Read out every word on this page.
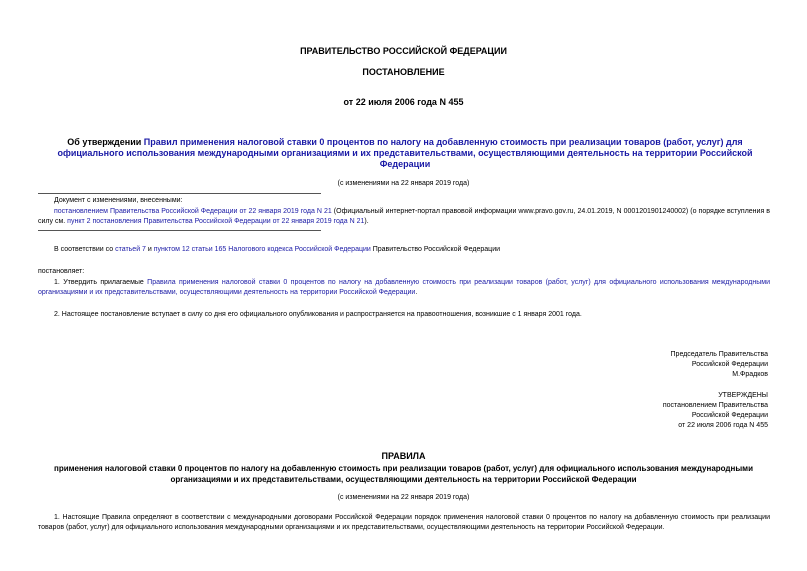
ПРАВИТЕЛЬСТВО РОССИЙСКОЙ ФЕДЕРАЦИИ
ПОСТАНОВЛЕНИЕ
от 22 июля 2006 года N 455
Об утверждении Правил применения налоговой ставки 0 процентов по налогу на добавленную стоимость при реализации товаров (работ, услуг) для официального использования международными организациями и их представительствами, осуществляющими деятельность на территории Российской Федерации
(с изменениями на 22 января 2019 года)
Документ с изменениями, внесенными:
постановлением Правительства Российской Федерации от 22 января 2019 года N 21 (Официальный интернет-портал правовой информации www.pravo.gov.ru, 24.01.2019, N 0001201901240002) (о порядке вступления в силу см. пункт 2 постановления Правительства Российской Федерации от 22 января 2019 года N 21).
В соответствии со статьей 7 и пунктом 12 статьи 165 Налогового кодекса Российской Федерации Правительство Российской Федерации
постановляет:
1. Утвердить прилагаемые Правила применения налоговой ставки 0 процентов по налогу на добавленную стоимость при реализации товаров (работ, услуг) для официального использования международными организациями и их представительствами, осуществляющими деятельность на территории Российской Федерации.
2. Настоящее постановление вступает в силу со дня его официального опубликования и распространяется на правоотношения, возникшие с 1 января 2001 года.
Председатель Правительства
Российской Федерации
М.Фрадков
УТВЕРЖДЕНЫ
постановлением Правительства
Российской Федерации
от 22 июля 2006 года N 455
ПРАВИЛА
применения налоговой ставки 0 процентов по налогу на добавленную стоимость при реализации товаров (работ, услуг) для официального использования международными организациями и их представительствами, осуществляющими деятельность на территории Российской Федерации
(с изменениями на 22 января 2019 года)
1. Настоящие Правила определяют в соответствии с международными договорами Российской Федерации порядок применения налоговой ставки 0 процентов по налогу на добавленную стоимость при реализации товаров (работ, услуг) для официального использования международными организациями и их представительствами, осуществляющими деятельность на территории Российской Федерации.
